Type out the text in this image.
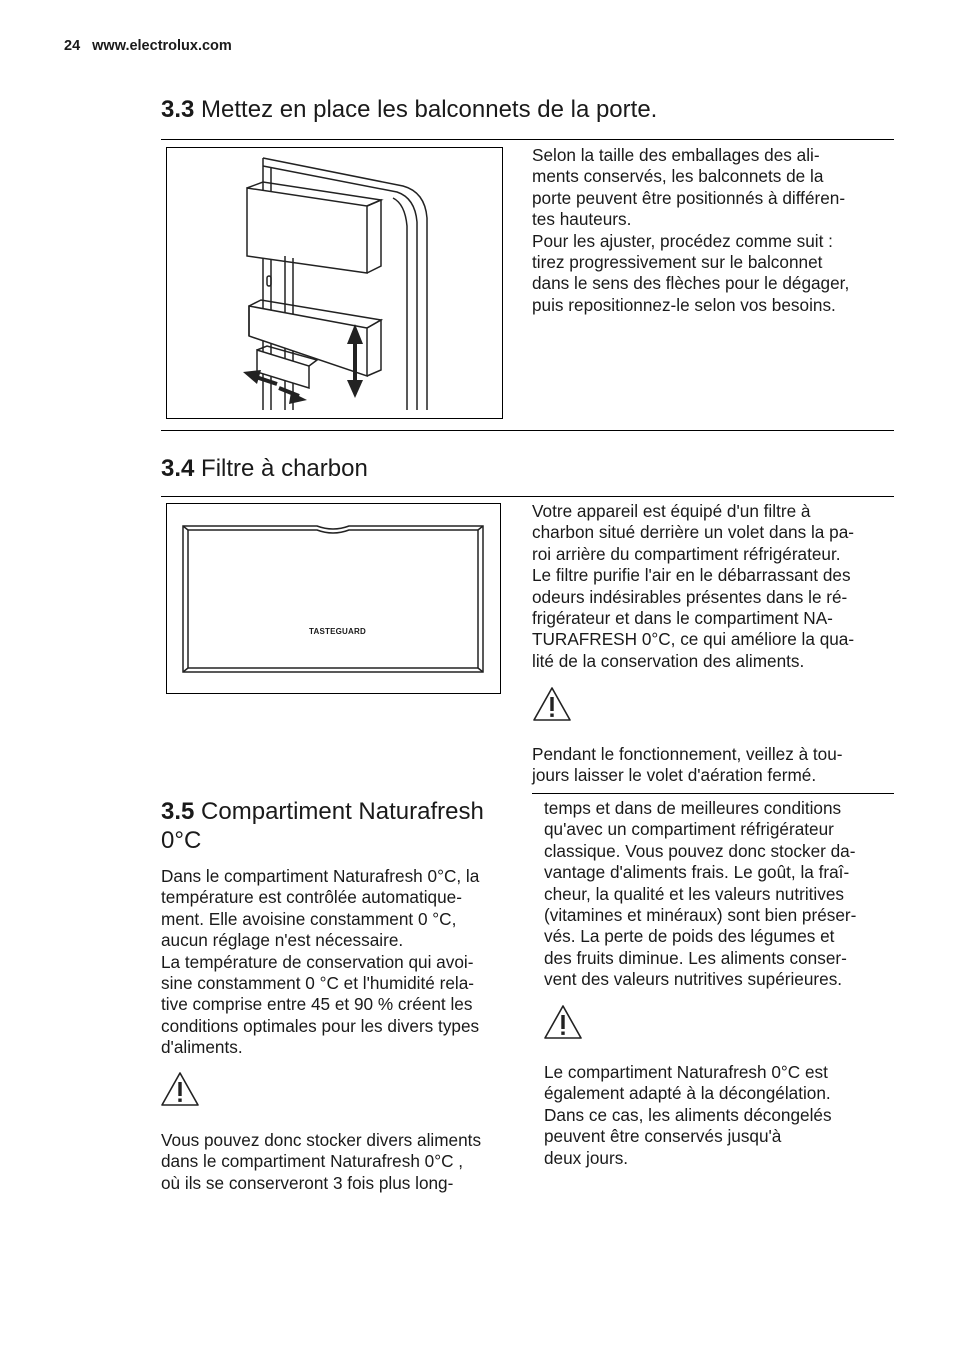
24 www.electrolux.com
3.3 Mettez en place les balconnets de la porte.

Selon la taille des emballages des ali-

ments conservés, les balconnets de la

porte peuvent être positionnés à différen-

tes hauteurs.

Pour les ajuster, procédez comme suit :

tirez progressivement sur le balconnet

dans le sens des flèches pour le dégager,

puis repositionnez-le selon vos besoins.

3.4 Filtre à charbon
TASTEGUARD

Votre appareil est équipé d'un filtre à

charbon situé derrière un volet dans la pa-

roi arrière du compartiment réfrigérateur.

Le filtre purifie l'air en le débarrassant des

odeurs indésirables présentes dans le ré-

frigérateur et dans le compartiment NA-

TURAFRESH 0°C, ce qui améliore la qua-

lité de la conservation des aliments.

Pendant le fonctionnement, veillez à tou-

jours laisser le volet d'aération fermé.

3.5 Compartiment Naturafresh
0°C

Dans le compartiment Naturafresh 0°C, la

température est contrôlée automatique-

ment. Elle avoisine constamment 0 °C,

aucun réglage n'est nécessaire.

La température de conservation qui avoi-

sine constamment 0 °C et l'humidité rela-

tive comprise entre 45 et 90 % créent les

conditions optimales pour les divers types

d'aliments.

Vous pouvez donc stocker divers aliments

dans le compartiment Naturafresh 0°C ,

où ils se conserveront 3 fois plus long-

temps et dans de meilleures conditions

qu'avec un compartiment réfrigérateur

classique. Vous pouvez donc stocker da-

vantage d'aliments frais. Le goût, la fraî-

cheur, la qualité et les valeurs nutritives

(vitamines et minéraux) sont bien préser-

vés. La perte de poids des légumes et

des fruits diminue. Les aliments conser-

vent des valeurs nutritives supérieures.

Le compartiment Naturafresh 0°C est

également adapté à la décongélation.

Dans ce cas, les aliments décongelés

peuvent être conservés jusqu'à

deux jours.
